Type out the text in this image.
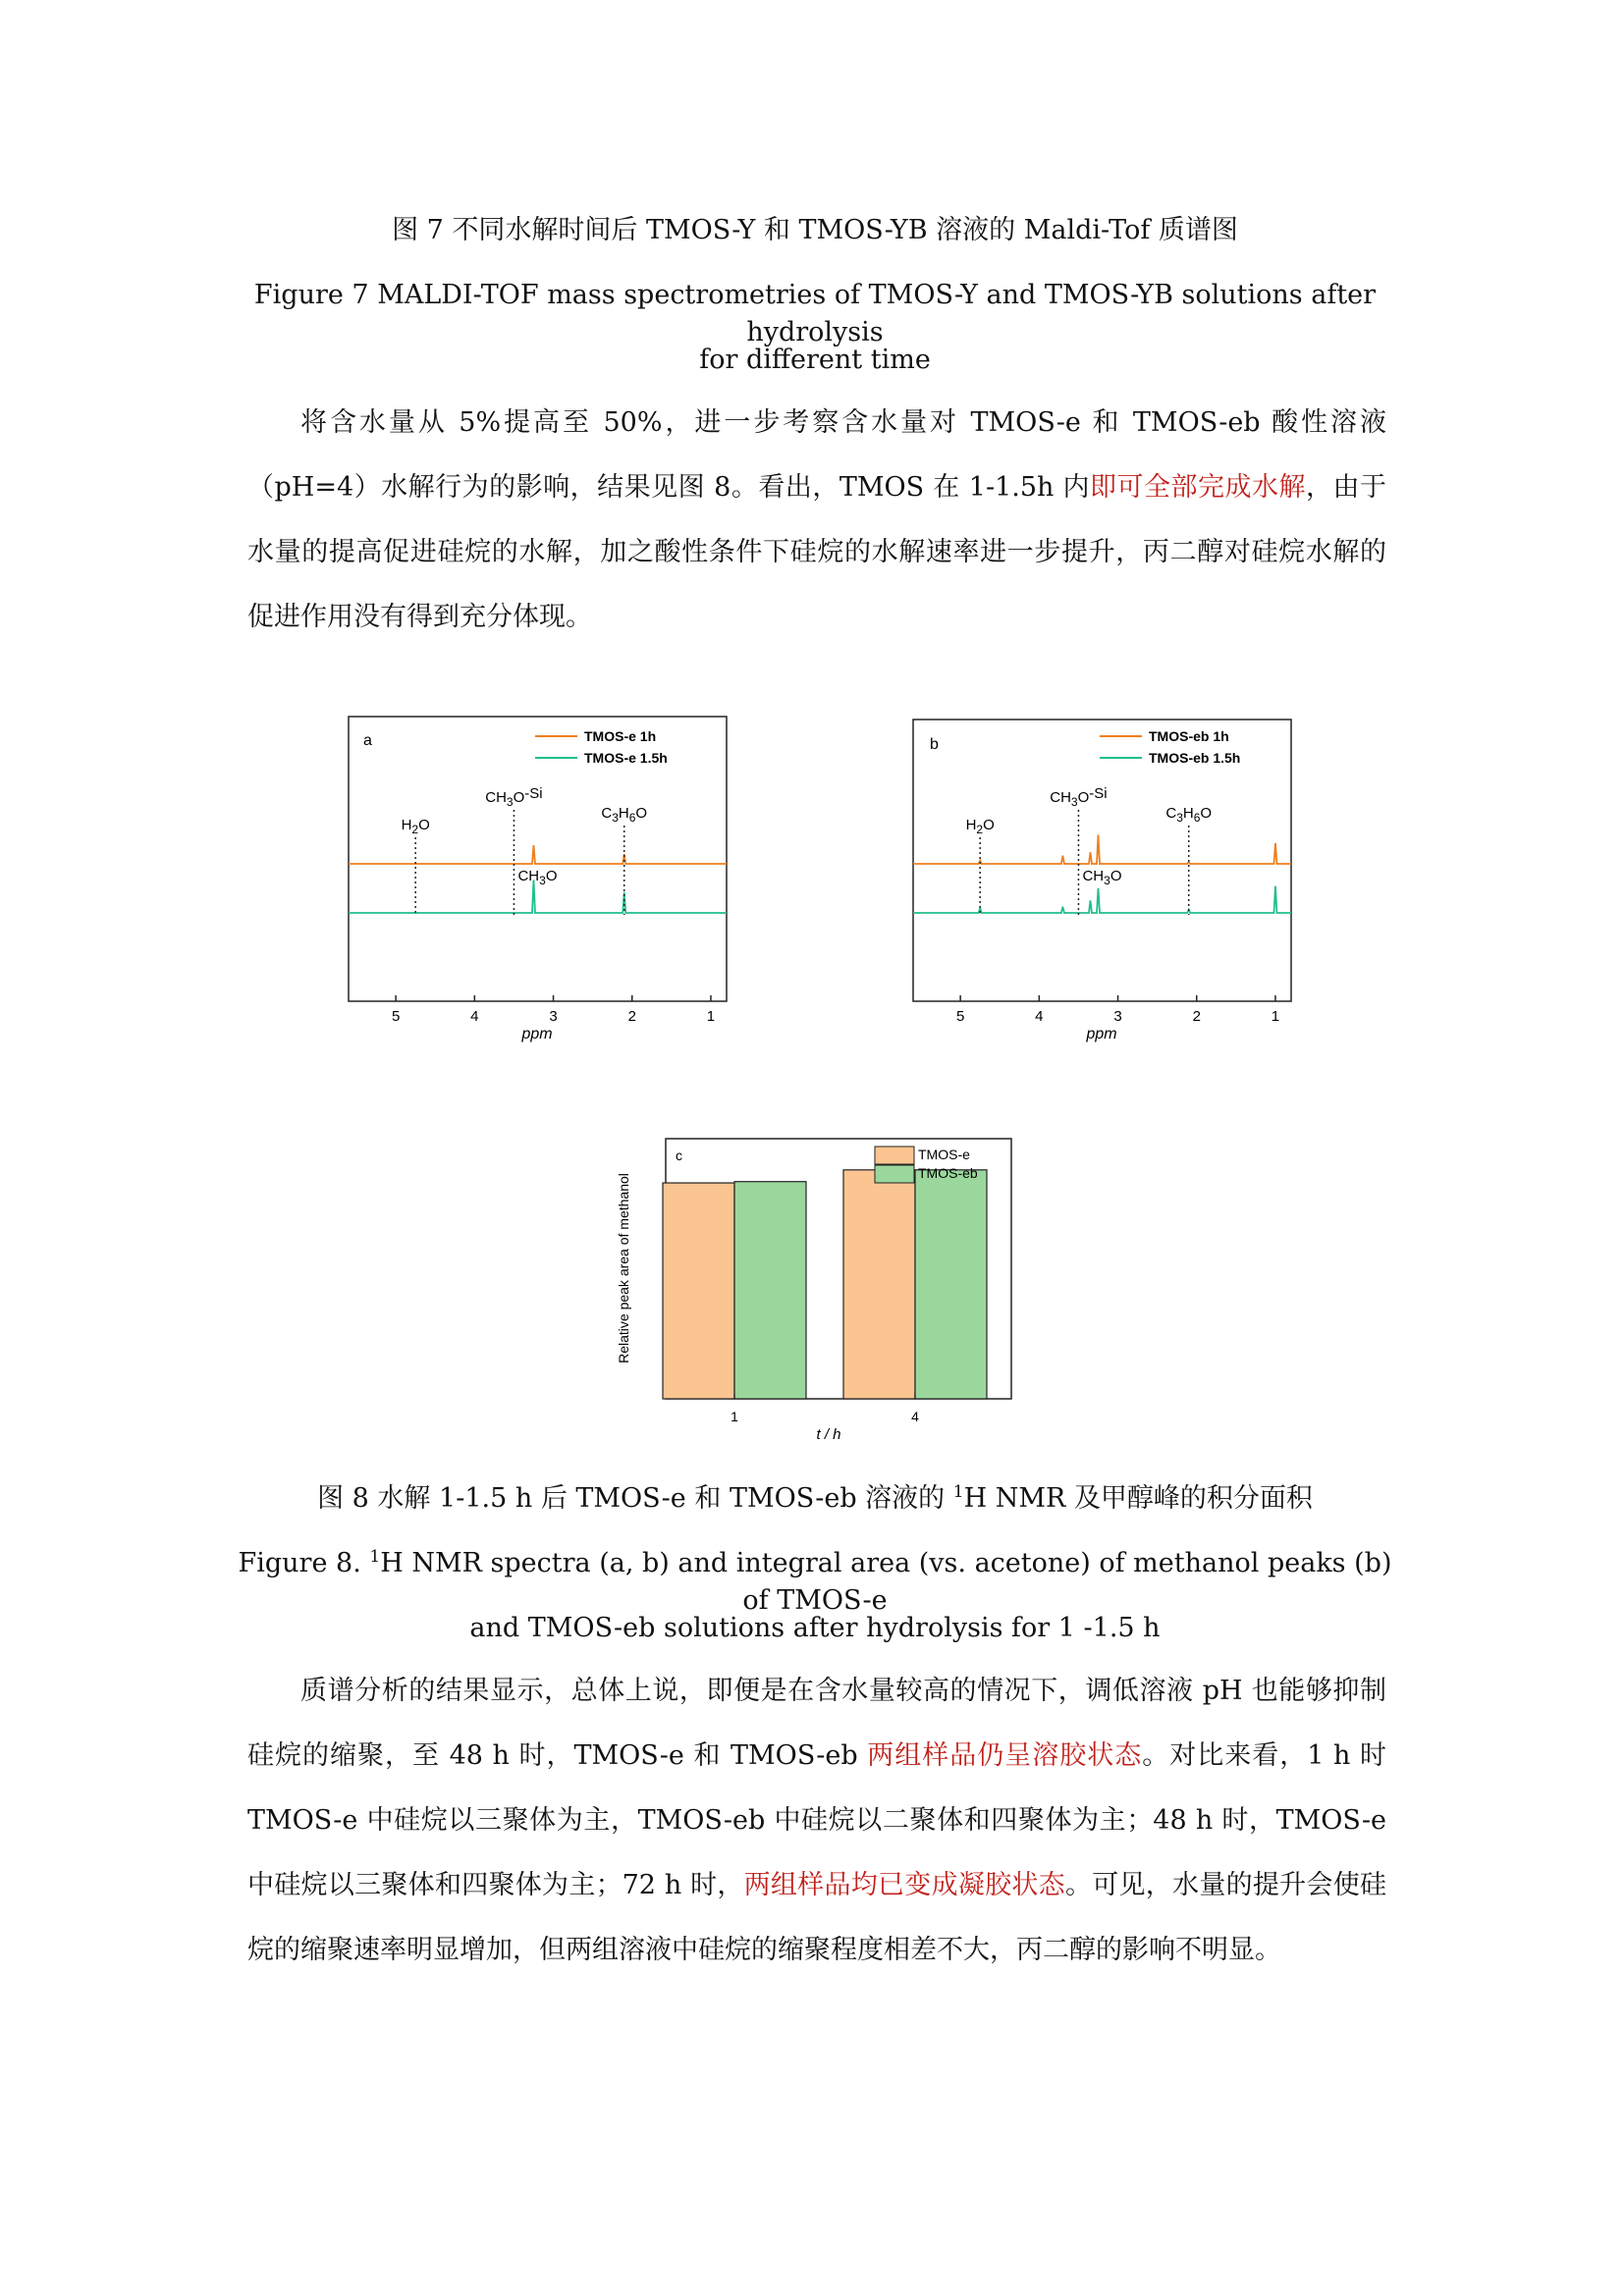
图 7 不同水解时间后 TMOS-Y 和 TMOS-YB 溶液的 Maldi-Tof 质谱图
Figure 7 MALDI-TOF mass spectrometries of TMOS-Y and TMOS-YB solutions after hydrolysis
for different time

将含水量从 5%提高至 50%，进一步考察含水量对 TMOS-e 和 TMOS-eb 酸性溶液（pH=4）水解行为的影响，结果见图 8。看出，TMOS 在 1-1.5h 内即可全部完成水解，由于水量的提高促进硅烷的水解，加之酸性条件下硅烷的水解速率进一步提升，丙二醇对硅烷水解的促进作用没有得到充分体现。

a	TMOS-e 1h
TMOS-e 1.5h
$H_2O$
$CH_3O-Si$
$CH_3O$
$C_3H_6O$
5	4	3	2	1
ppm
b	TMOS-eb 1h
TMOS-eb 1.5h
$H_2O$
$CH_3O-Si$
$CH_3O$
$C_3H_6O$
5	4	3	2	1
ppm
c
Relative peak area of methanol
TMOS-e
TMOS-eb
1	4
t / h
图 8 水解 1-1.5 h 后 TMOS-e 和 TMOS-eb 溶液的 $^1$H NMR 及甲醇峰的积分面积
Figure 8. $^1$H NMR spectra (a, b) and integral area (vs. acetone) of methanol peaks (b) of TMOS-e
and TMOS-eb solutions after hydrolysis for 1 -1.5 h

质谱分析的结果显示，总体上说，即便是在含水量较高的情况下，调低溶液 pH 也能够抑制硅烷的缩聚，至 48 h 时，TMOS-e 和 TMOS-eb 两组样品仍呈溶胶状态。对比来看，1 h 时 TMOS-e 中硅烷以三聚体为主，TMOS-eb 中硅烷以二聚体和四聚体为主；48 h 时，TMOS-e 中硅烷以三聚体和四聚体为主；72 h 时，两组样品均已变成凝胶状态。可见，水量的提升会使硅烷的缩聚速率明显增加，但两组溶液中硅烷的缩聚程度相差不大，丙二醇的影响不明显。
